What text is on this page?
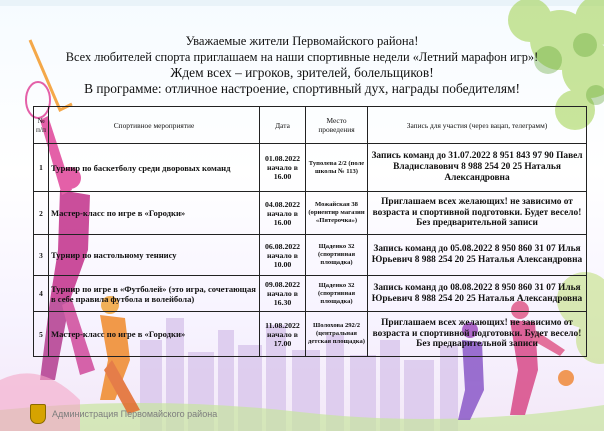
Уважаемые жители Первомайского района!
Всех любителей спорта приглашаем на наши спортивные недели «Летний марафон игр»!
Ждем всех – игроков, зрителей, болельщиков!
В программе: отличное настроение, спортивный дух, награды победителям!
№ п/п	Спортивное мероприятие	Дата	Место проведения	Запись для участия (через вацап, телеграмм)
1	Турнир по баскетболу среди дворовых команд	01.08.2022 начало в 16.00	Туполева 2/2 (поле школы № 113)	Запись команд до 31.07.2022 8 951 843 97 90 Павел Владиславович 8 988 254 20 25 Наталья Александровна
2	Мастер-класс по игре в «Городки»	04.08.2022 начало в 16.00	Можайская 38 (ориентир магазин «Пятерочка»)	Приглашаем всех желающих! не зависимо от возраста и спортивной подготовки. Будет весело! Без предварительной записи
3	Турнир по настольному теннису	06.08.2022 начало в 10.00	Щаденко 32 (спортивная площадка)	Запись команд до 05.08.2022 8 950 860 31 07 Илья Юрьевич 8 988 254 20 25 Наталья Александровна
4	Турнир по игре в «Футболей» (это игра, сочетающая в себе правила футбола и волейбола)	09.08.2022 начало в 16.30	Щаденко 32 (спортивная площадка)	Запись команд до 08.08.2022 8 950 860 31 07 Илья Юрьевич 8 988 254 20 25 Наталья Александровна
5	Мастер-класс по игре в «Городки»	11.08.2022 начало в 17.00	Шолохова 292/2 (центральная детская площадка)	Приглашаем всех желающих! не зависимо от возраста и спортивной подготовки. Будет весело! Без предварительной записи
Администрация Первомайского района
